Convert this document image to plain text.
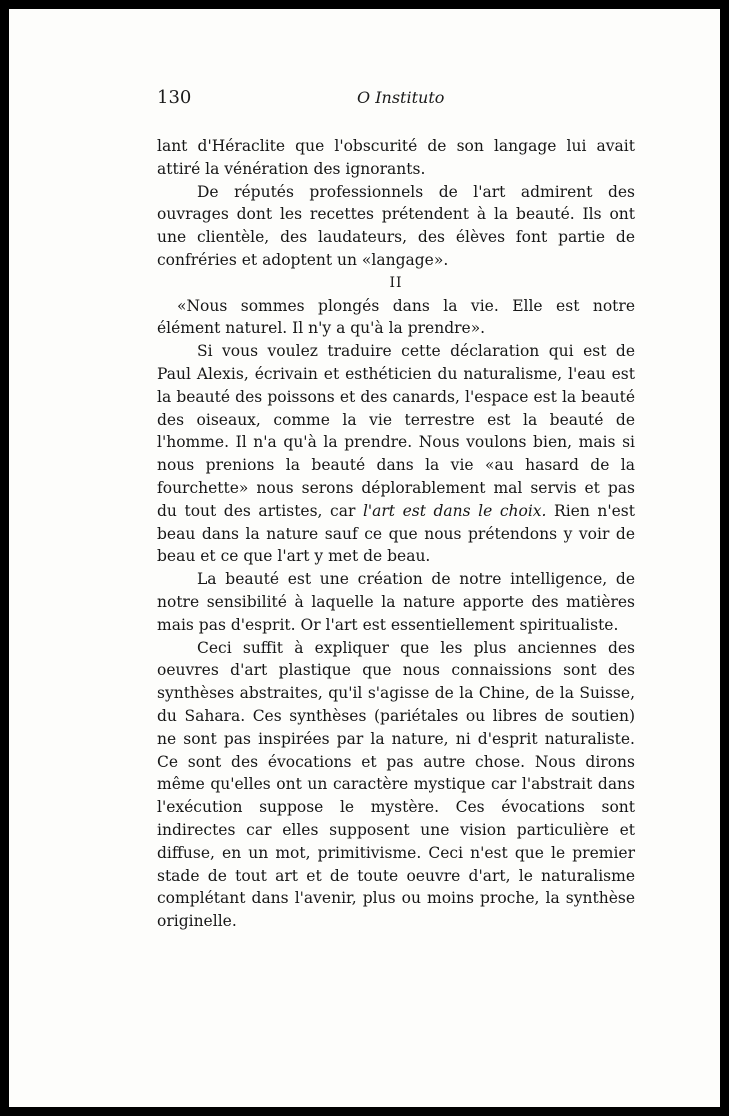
130	O Instituto

lant d'Héraclite que l'obscurité de son langage lui avait attiré la vénération des ignorants.

De réputés professionnels de l'art admirent des ouvrages dont les recettes prétendent à la beauté. Ils ont une clientèle, des laudateurs, des élèves font partie de confréries et adoptent un «langage».

II

«Nous sommes plongés dans la vie. Elle est notre élément naturel. Il n'y a qu'à la prendre».

Si vous voulez traduire cette déclaration qui est de Paul Alexis, écrivain et esthéticien du naturalisme, l'eau est la beauté des poissons et des canards, l'espace est la beauté des oiseaux, comme la vie terrestre est la beauté de l'homme. Il n'a qu'à la prendre. Nous voulons bien, mais si nous prenions la beauté dans la vie «au hasard de la fourchette» nous serons déplorablement mal servis et pas du tout des artistes, car l'art est dans le choix. Rien n'est beau dans la nature sauf ce que nous prétendons y voir de beau et ce que l'art y met de beau.

La beauté est une création de notre intelligence, de notre sensibilité à laquelle la nature apporte des matières mais pas d'esprit. Or l'art est essentiellement spiritualiste.

Ceci suffit à expliquer que les plus anciennes des oeuvres d'art plastique que nous connaissions sont des synthèses abstraites, qu'il s'agisse de la Chine, de la Suisse, du Sahara. Ces synthèses (pariétales ou libres de soutien) ne sont pas inspirées par la nature, ni d'esprit naturaliste. Ce sont des évocations et pas autre chose. Nous dirons même qu'elles ont un caractère mystique car l'abstrait dans l'exécution suppose le mystère. Ces évocations sont indirectes car elles supposent une vision particulière et diffuse, en un mot, primitivisme. Ceci n'est que le premier stade de tout art et de toute oeuvre d'art, le naturalisme complétant dans l'avenir, plus ou moins proche, la synthèse originelle.
